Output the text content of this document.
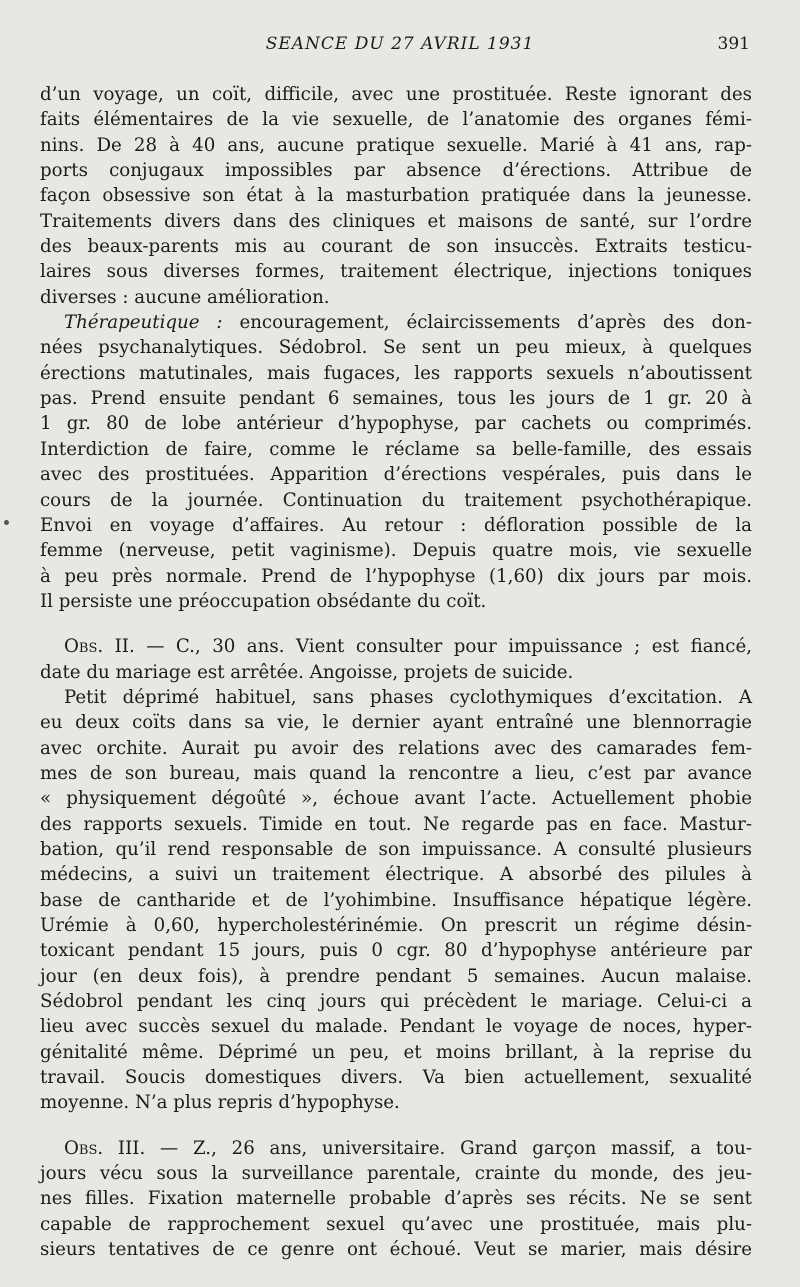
SEANCE DU 27 AVRIL 1931	391
d’un voyage, un coït, difficile, avec une prostituée. Reste ignorant des
faits élémentaires de la vie sexuelle, de l’anatomie des organes fémi-
nins. De 28 à 40 ans, aucune pratique sexuelle. Marié à 41 ans, rap-
ports conjugaux impossibles par absence d’érections. Attribue de
façon obsessive son état à la masturbation pratiquée dans la jeunesse.
Traitements divers dans des cliniques et maisons de santé, sur l’ordre
des beaux-parents mis au courant de son insuccès. Extraits testicu-
laires sous diverses formes, traitement électrique, injections toniques
diverses : aucune amélioration.
Thérapeutique : encouragement, éclaircissements d’après des don-
nées psychanalytiques. Sédobrol. Se sent un peu mieux, à quelques
érections matutinales, mais fugaces, les rapports sexuels n’aboutissent
pas. Prend ensuite pendant 6 semaines, tous les jours de 1 gr. 20 à
1 gr. 80 de lobe antérieur d’hypophyse, par cachets ou comprimés.
Interdiction de faire, comme le réclame sa belle-famille, des essais
avec des prostituées. Apparition d’érections vespérales, puis dans le
cours de la journée. Continuation du traitement psychothérapique.
Envoi en voyage d’affaires. Au retour : défloration possible de la
femme (nerveuse, petit vaginisme). Depuis quatre mois, vie sexuelle
à peu près normale. Prend de l’hypophyse (1,60) dix jours par mois.
Il persiste une préoccupation obsédante du coït.
Obs. II. — C., 30 ans. Vient consulter pour impuissance ; est fiancé,
date du mariage est arrêtée. Angoisse, projets de suicide.
Petit déprimé habituel, sans phases cyclothymiques d’excitation. A
eu deux coïts dans sa vie, le dernier ayant entraîné une blennorragie
avec orchite. Aurait pu avoir des relations avec des camarades fem-
mes de son bureau, mais quand la rencontre a lieu, c’est par avance
« physiquement dégoûté », échoue avant l’acte. Actuellement phobie
des rapports sexuels. Timide en tout. Ne regarde pas en face. Mastur-
bation, qu’il rend responsable de son impuissance. A consulté plusieurs
médecins, a suivi un traitement électrique. A absorbé des pilules à
base de cantharide et de l’yohimbine. Insuffisance hépatique légère.
Urémie à 0,60, hypercholestérinémie. On prescrit un régime désin-
toxicant pendant 15 jours, puis 0 cgr. 80 d’hypophyse antérieure par
jour (en deux fois), à prendre pendant 5 semaines. Aucun malaise.
Sédobrol pendant les cinq jours qui précèdent le mariage. Celui-ci a
lieu avec succès sexuel du malade. Pendant le voyage de noces, hyper-
génitalité même. Déprimé un peu, et moins brillant, à la reprise du
travail. Soucis domestiques divers. Va bien actuellement, sexualité
moyenne. N’a plus repris d’hypophyse.
Obs. III. — Z., 26 ans, universitaire. Grand garçon massif, a tou-
jours vécu sous la surveillance parentale, crainte du monde, des jeu-
nes filles. Fixation maternelle probable d’après ses récits. Ne se sent
capable de rapprochement sexuel qu’avec une prostituée, mais plu-
sieurs tentatives de ce genre ont échoué. Veut se marier, mais désire
